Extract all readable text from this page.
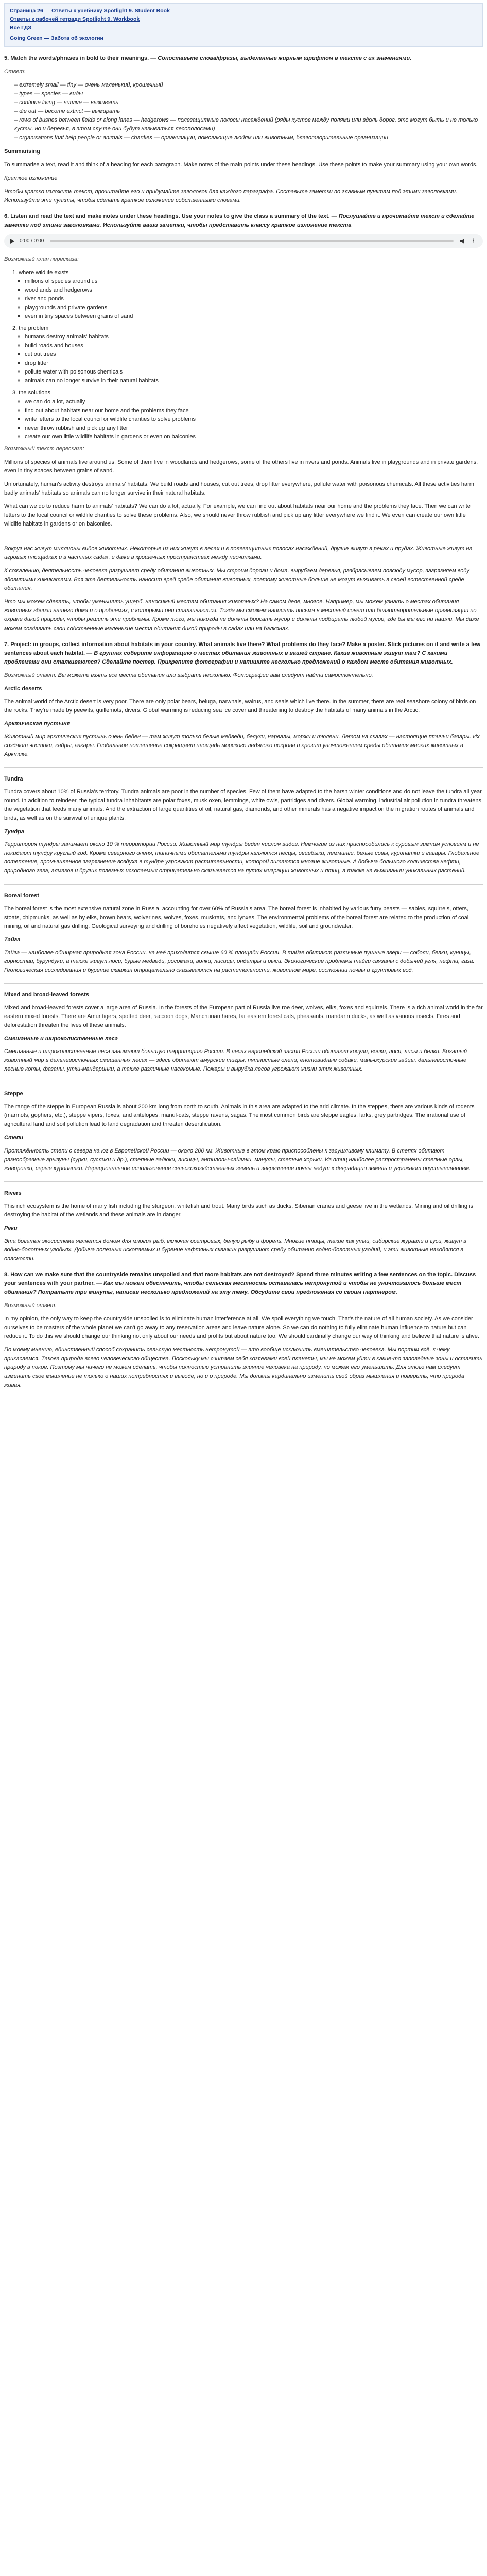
Страница 26 — Ответы к учебнику Spotlight 9. Student Book
Ответы к рабочей тетради Spotlight 9. Workbook
Все ГДЗ
Going Green — Забота об экологии

5. Match the words/phrases in bold to their meanings. — Сопоставьте слова/фразы, выделенные жирным шрифтом в тексте с их значениями.

Ответ:

– extremely small — tiny — очень маленький, крошечный
– types — species — виды
– continue living — survive — выживать
– die out — become extinct — вымирать
– rows of bushes between fields or along lanes — hedgerows — полезащитные полосы насаждений (ряды кустов между полями или вдоль дорог, это могут быть и не только кусты, но и деревья, в этом случае они будут называться лесополосами)
– organisations that help people or animals — charities — организации, помогающие людям или животным, благотворительные организации

Summarising

To summarise a text, read it and think of a heading for each paragraph. Make notes of the main points under these headings. Use these points to make your summary using your own words.

Краткое изложение

Чтобы кратко изложить текст, прочитайте его и придумайте заголовок для каждого параграфа. Составьте заметки по главным пунктам под этими заголовками. Используйте эти пункты, чтобы сделать краткое изложение собственными словами.

6. Listen and read the text and make notes under these headings. Use your notes to give the class a summary of the text. — Послушайте и прочитайте текст и сделайте заметки под этими заголовками. Используйте ваши заметки, чтобы представить классу краткое изложение текста

0:00 / 0:00	⋮

Возможный план пересказа:

1. where wildlife exists
◦ millions of species around us
◦ woodlands and hedgerows
◦ river and ponds
◦ playgrounds and private gardens
◦ even in tiny spaces between grains of sand
2. the problem
◦ humans destroy animals' habitats
◦ build roads and houses
◦ cut out trees
◦ drop litter
◦ pollute water with poisonous chemicals
◦ animals can no longer survive in their natural habitats
3. the solutions
◦ we can do a lot, actually
◦ find out about habitats near our home and the problems they face
◦ write letters to the local council or wildlife charities to solve problems
◦ never throw rubbish and pick up any litter
◦ create our own little wildlife habitats in gardens or even on balconies

Возможный текст пересказа:

Millions of species of animals live around us. Some of them live in woodlands and hedgerows, some of the others live in rivers and ponds. Animals live in playgrounds and in private gardens, even in tiny spaces between grains of sand.

Unfortunately, human's activity destroys animals' habitats. We build roads and houses, cut out trees, drop litter everywhere, pollute water with poisonous chemicals. All these activities harm badly animals' habitats so animals can no longer survive in their natural habitats.

What can we do to reduce harm to animals' habitats? We can do a lot, actually. For example, we can find out about habitats near our home and the problems they face. Then we can write letters to the local council or wildlife charities to solve these problems. Also, we should never throw rubbish and pick up any litter everywhere we find it. We even can create our own little wildlife habitats in gardens or on balconies.

Вокруг нас живут миллионы видов животных. Некоторые из них живут в лесах и в полезащитных полосах насаждений, другие живут в реках и прудах. Животные живут на игровых площадках и в частных садах, и даже в крошечных пространствах между песчинками.

К сожалению, деятельность человека разрушает среду обитания животных. Мы строим дороги и дома, вырубаем деревья, разбрасываем повсюду мусор, загрязняем воду ядовитыми химикатами. Вся эта деятельность наносит вред среде обитания животных, поэтому животные больше не могут выживать в своей естественной среде обитания.

Что мы можем сделать, чтобы уменьшить ущерб, наносимый местам обитания животных? На самом деле, многое. Например, мы можем узнать о местах обитания животных вблизи нашего дома и о проблемах, с которыми они сталкиваются. Тогда мы сможем написать письма в местный совет или благотворительные организации по охране дикой природы, чтобы решить эти проблемы. Кроме того, мы никогда не должны бросать мусор и должны подбирать любой мусор, где бы мы его ни нашли. Мы даже можем создавать свои собственные маленькие места обитания дикой природы в садах или на балконах.

7. Project: in groups, collect information about habitats in your country. What animals live there? What problems do they face? Make a poster. Stick pictures on it and write a few sentences about each habitat. — В группах соберите информацию о местах обитания животных в вашей стране. Какие животные живут там? С какими проблемами они сталкиваются? Сделайте постер. Прикрепите фотографии и напишите несколько предложений о каждом месте обитания животных.

Возможный ответ. Вы можете взять все места обитания или выбрать несколько. Фотографии вам следует найти самостоятельно.

Arctic deserts

The animal world of the Arctic desert is very poor. There are only polar bears, beluga, narwhals, walrus, and seals which live there. In the summer, there are real seashore colony of birds on the rocks. They're made by peewits, guillemots, divers. Global warming is reducing sea ice cover and threatening to destroy the habitats of many animals in the Arctic.

Арктическая пустыня

Животный мир арктических пустынь очень беден — там живут только белые медведи, белухи, нарвалы, моржи и тюлени. Летом на скалах — настоящие птичьи базары. Их создают чистики, кайры, гагары. Глобальное потепление сокращает площадь морского ледяного покрова и грозит уничтожением среды обитания многих животных в Арктике.

Tundra

Tundra covers about 10% of Russia's territory. Tundra animals are poor in the number of species. Few of them have adapted to the harsh winter conditions and do not leave the tundra all year round. In addition to reindeer, the typical tundra inhabitants are polar foxes, musk oxen, lemmings, white owls, partridges and divers. Global warming, industrial air pollution in tundra threatens the vegetation that feeds many animals. And the extraction of large quantities of oil, natural gas, diamonds, and other minerals has a negative impact on the migration routes of animals and birds, as well as on the survival of unique plants.

Тундра

Территория тундры занимает около 10 % территории России. Животный мир тундры беден числом видов. Немногие из них приспособились к суровым зимним условиям и не покидают тундру круглый год. Кроме северного оленя, типичными обитателями тундры являются песцы, овцебыки, лемминги, белые совы, куропатки и гагары. Глобальное потепление, промышленное загрязнение воздуха в тундре угрожают растительности, которой питаются многие животные. А добыча большого количества нефти, природного газа, алмазов и других полезных ископаемых отрицательно сказывается на путях миграции животных и птиц, а также на выживании уникальных растений.

Boreal forest

The boreal forest is the most extensive natural zone in Russia, accounting for over 60% of Russia's area. The boreal forest is inhabited by various furry beasts — sables, squirrels, otters, stoats, chipmunks, as well as by elks, brown bears, wolverines, wolves, foxes, muskrats, and lynxes. The environmental problems of the boreal forest are related to the production of coal mining, oil and natural gas drilling. Geological surveying and drilling of boreholes negatively affect vegetation, wildlife, soil and groundwater.

Тайга

Тайга — наиболее обширная природная зона России, на неё приходится свыше 60 % площади России. В тайге обитают различные пушные звери — соболи, белки, куницы, горностаи, бурундуки, а также живут лоси, бурые медведи, росомахи, волки, лисицы, ондатры и рыси. Экологические проблемы тайги связаны с добычей угля, нефти, газа. Геологическая исследования и бурение скважин отрицательно сказываются на растительности, животном мире, состоянии почвы и грунтовых вод.

Mixed and broad-leaved forests

Mixed and broad-leaved forests cover a large area of Russia. In the forests of the European part of Russia live roe deer, wolves, elks, foxes and squirrels. There is a rich animal world in the far eastern mixed forests. There are Amur tigers, spotted deer, raccoon dogs, Manchurian hares, far eastern forest cats, pheasants, mandarin ducks, as well as various insects. Fires and deforestation threaten the lives of these animals.

Смешанные и широколиственные леса

Смешанные и широколиственные леса занимают большую территорию России. В лесах европейской части России обитают косули, волки, лоси, лисы и белки. Богатый животный мир в дальневосточных смешанных лесах — здесь обитают амурские тигры, пятнистые олени, енотовидные собаки, маньчжурские зайцы, дальневосточные лесные коты, фазаны, утки-мандаринки, а также различные насекомые. Пожары и вырубка лесов угрожают жизни этих животных.

Steppe

The range of the steppe in European Russia is about 200 km long from north to south. Animals in this area are adapted to the arid climate. In the steppes, there are various kinds of rodents (marmots, gophers, etc.), steppe vipers, foxes, and antelopes, manul-cats, steppe ravens, sagas. The most common birds are steppe eagles, larks, grey partridges. The irrational use of agricultural land and soil pollution lead to land degradation and threaten desertification.

Степи

Протяжённость степи с севера на юг в Европейской России — около 200 км. Животные в этом краю приспособлены к засушливому климату. В степях обитают разнообразные грызуны (сурки, суслики и др.), степные гадюки, лисицы, антилопы-сайгаки, манулы, степные хорьки. Из птиц наиболее распространены степные орлы, жаворонки, серые куропатки. Нерациональное использование сельскохозяйственных земель и загрязнение почвы ведут к деградации земель и угрожают опустыниванием.

Rivers

This rich ecosystem is the home of many fish including the sturgeon, whitefish and trout. Many birds such as ducks, Siberian cranes and geese live in the wetlands. Mining and oil drilling is destroying the habitat of the wetlands and these animals are in danger.

Реки

Эта богатая экосистема является домом для многих рыб, включая осетровых, белую рыбу и форель. Многие птицы, такие как утки, сибирские журавли и гуси, живут в водно-болотных угодьях. Добыча полезных ископаемых и бурение нефтяных скважин разрушают среду обитания водно-болотных угодий, и эти животные находятся в опасности.

8. How can we make sure that the countryside remains unspoiled and that more habitats are not destroyed? Spend three minutes writing a few sentences on the topic. Discuss your sentences with your partner. — Как мы можем обеспечить, чтобы сельская местность оставалась нетронутой и чтобы не уничтожалось больше мест обитания? Потратьте три минуты, написав несколько предложений на эту тему. Обсудите свои предложения со своим партнером.

Возможный ответ:

In my opinion, the only way to keep the countryside unspoiled is to eliminate human interference at all. We spoil everything we touch. That's the nature of all human society. As we consider ourselves to be masters of the whole planet we can't go away to any reservation areas and leave nature alone. So we can do nothing to fully eliminate human influence to nature but can reduce it. To do this we should change our thinking not only about our needs and profits but about nature too. We should cardinally change our way of thinking and believe that nature is alive.

По моему мнению, единственный способ сохранить сельскую местность нетронутой — это вообще исключить вмешательство человека. Мы портим всё, к чему прикасаемся. Такова природа всего человеческого общества. Поскольку мы считаем себя хозяевами всей планеты, мы не можем уйти в какие-то заповедные зоны и оставить природу в покое. Поэтому мы ничего не можем сделать, чтобы полностью устранить влияние человека на природу, но можем его уменьшить. Для этого нам следует изменить свое мышление не только о наших потребностях и выгоде, но и о природе. Мы должны кардинально изменить свой образ мышления и поверить, что природа живая.
